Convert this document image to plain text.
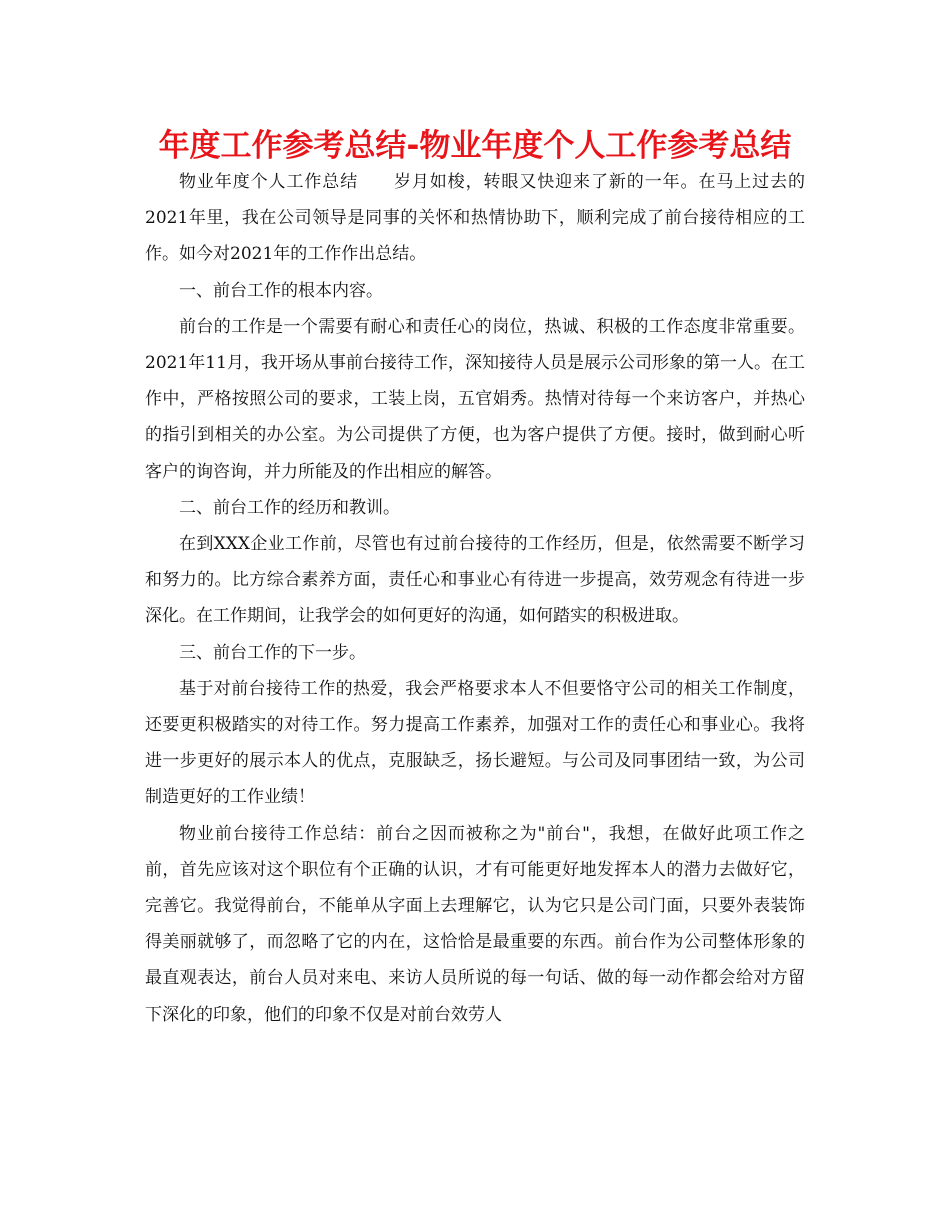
年度工作参考总结-物业年度个人工作参考总结

物业年度个人工作总结　　岁月如梭，转眼又快迎来了新的一年。在马上过去的2021年里，我在公司领导是同事的关怀和热情协助下，顺利完成了前台接待相应的工作。如今对2021年的工作作出总结。

一、前台工作的根本内容。

前台的工作是一个需要有耐心和责任心的岗位，热诚、积极的工作态度非常重要。2021年11月，我开场从事前台接待工作，深知接待人员是展示公司形象的第一人。在工作中，严格按照公司的要求，工装上岗，五官娟秀。热情对待每一个来访客户，并热心的指引到相关的办公室。为公司提供了方便，也为客户提供了方便。接时，做到耐心听客户的询咨询，并力所能及的作出相应的解答。

二、前台工作的经历和教训。

在到XXX企业工作前，尽管也有过前台接待的工作经历，但是，依然需要不断学习和努力的。比方综合素养方面，责任心和事业心有待进一步提高，效劳观念有待进一步深化。在工作期间，让我学会的如何更好的沟通，如何踏实的积极进取。

三、前台工作的下一步。

基于对前台接待工作的热爱，我会严格要求本人不但要恪守公司的相关工作制度，还要更积极踏实的对待工作。努力提高工作素养，加强对工作的责任心和事业心。我将进一步更好的展示本人的优点，克服缺乏，扬长避短。与公司及同事团结一致，为公司制造更好的工作业绩！

物业前台接待工作总结：前台之因而被称之为"前台"，我想，在做好此项工作之前，首先应该对这个职位有个正确的认识，才有可能更好地发挥本人的潜力去做好它，完善它。我觉得前台，不能单从字面上去理解它，认为它只是公司门面，只要外表装饰得美丽就够了，而忽略了它的内在，这恰恰是最重要的东西。前台作为公司整体形象的最直观表达，前台人员对来电、来访人员所说的每一句话、做的每一动作都会给对方留下深化的印象，他们的印象不仅是对前台效劳人
